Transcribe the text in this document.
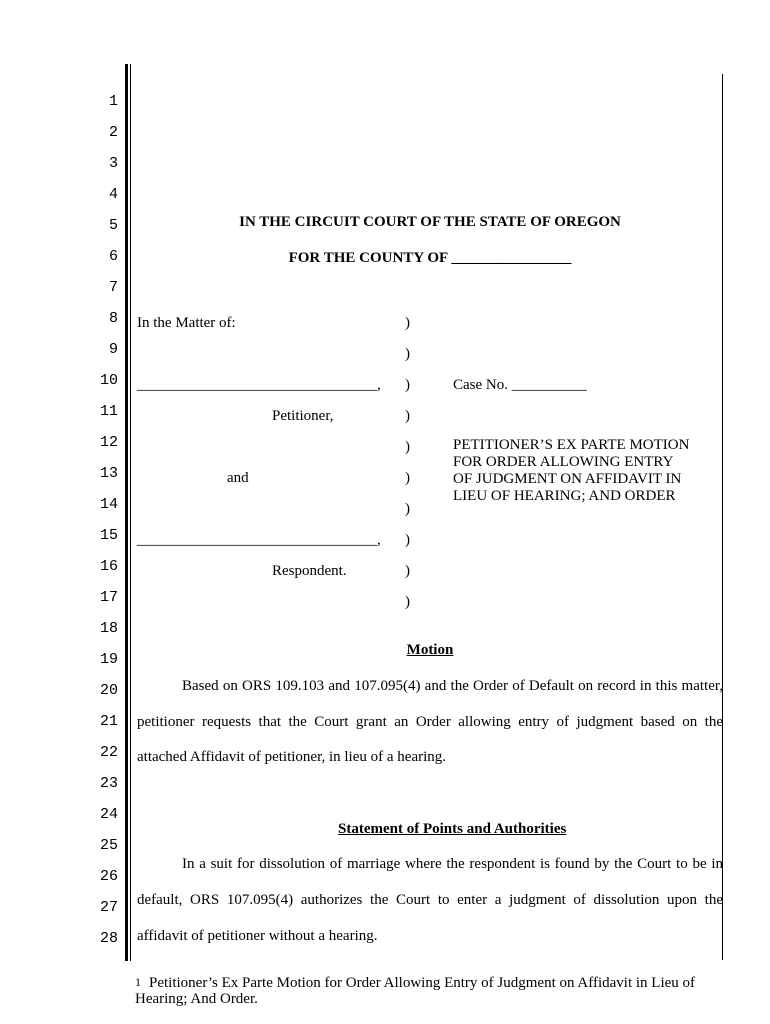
1
2
3
4
5
6
7
8
9
10
11
12
13
14
15
16
17
18
19
20
21
22
23
24
25
26
27
28
IN THE CIRCUIT COURT OF THE STATE OF OREGON
FOR THE COUNTY OF ________________
In the Matter of:
________________________________,
Petitioner,
and
________________________________,
Respondent.
)
)
)
)
)
)
)
)
)
)
Case No. __________
PETITIONER’S EX PARTE MOTION
FOR ORDER ALLOWING ENTRY
OF JUDGMENT ON AFFIDAVIT IN
LIEU OF HEARING; AND ORDER
Motion
Based on ORS 109.103 and 107.095(4) and the Order of Default on record in this matter,
petitioner requests that the Court grant an Order allowing entry of judgment based on the
attached Affidavit of petitioner, in lieu of a hearing.
Statement of Points and Authorities
In a suit for dissolution of marriage where the respondent is found by the Court to be in
default, ORS 107.095(4) authorizes the Court to enter a judgment of dissolution upon the
affidavit of petitioner without a hearing.
1 Petitioner’s Ex Parte Motion for Order Allowing Entry of Judgment on Affidavit in Lieu of Hearing; And Order.
